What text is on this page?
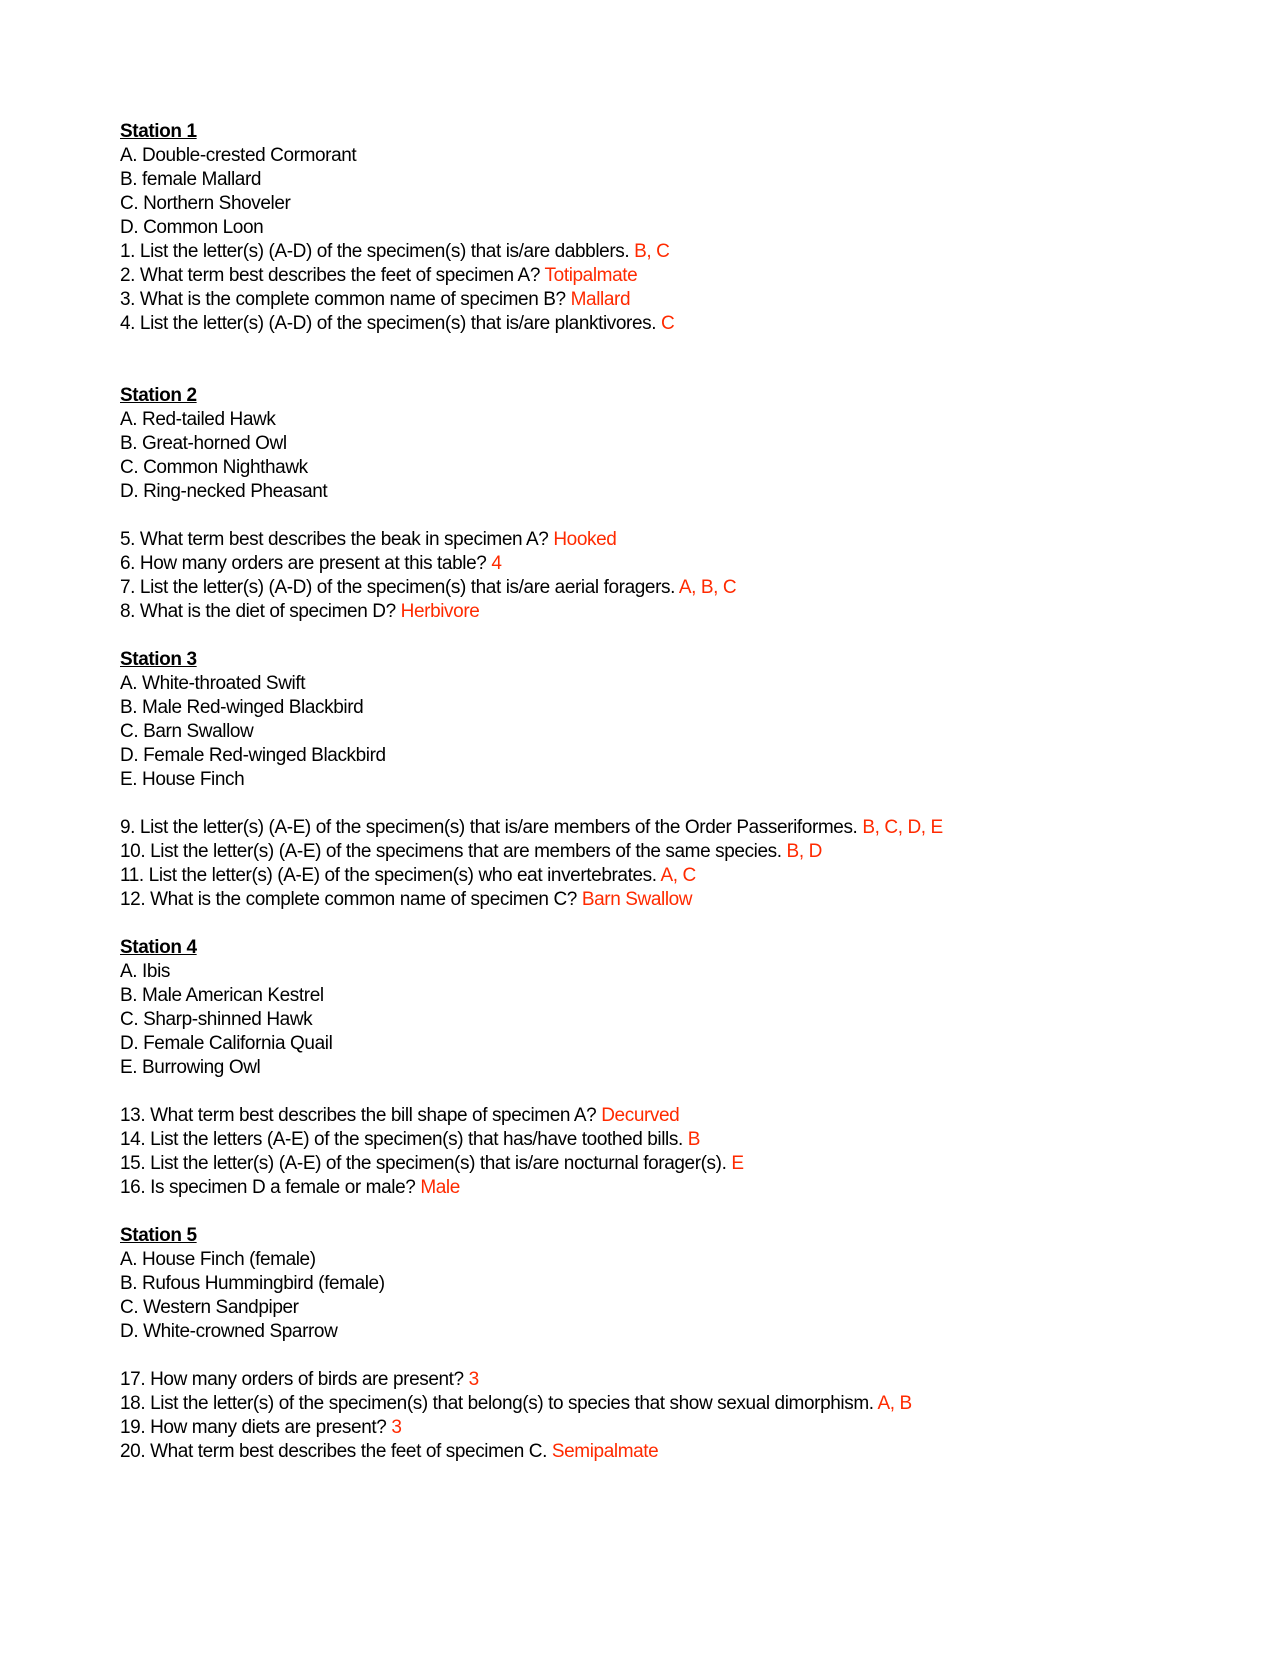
Station 1
A. Double-crested Cormorant
B. female Mallard
C. Northern Shoveler
D. Common Loon
1. List the letter(s) (A-D) of the specimen(s) that is/are dabblers. B, C
2. What term best describes the feet of specimen A? Totipalmate
3. What is the complete common name of specimen B? Mallard
4. List the letter(s) (A-D) of the specimen(s) that is/are planktivores. C
Station 2
A. Red-tailed Hawk
B. Great-horned Owl
C. Common Nighthawk
D. Ring-necked Pheasant
5. What term best describes the beak in specimen A? Hooked
6. How many orders are present at this table? 4
7. List the letter(s) (A-D) of the specimen(s) that is/are aerial foragers. A, B, C
8. What is the diet of specimen D? Herbivore
Station 3
A. White-throated Swift
B. Male Red-winged Blackbird
C. Barn Swallow
D. Female Red-winged Blackbird
E. House Finch
9. List the letter(s) (A-E) of the specimen(s) that is/are members of the Order Passeriformes. B, C, D, E
10. List the letter(s) (A-E) of the specimens that are members of the same species. B, D
11. List the letter(s) (A-E) of the specimen(s) who eat invertebrates. A, C
12. What is the complete common name of specimen C? Barn Swallow
Station 4
A. Ibis
B. Male American Kestrel
C. Sharp-shinned Hawk
D. Female California Quail
E. Burrowing Owl
13. What term best describes the bill shape of specimen A? Decurved
14. List the letters (A-E) of the specimen(s) that has/have toothed bills. B
15. List the letter(s) (A-E) of the specimen(s) that is/are nocturnal forager(s). E
16. Is specimen D a female or male? Male
Station 5
A. House Finch (female)
B. Rufous Hummingbird (female)
C. Western Sandpiper
D. White-crowned Sparrow
17. How many orders of birds are present? 3
18. List the letter(s) of the specimen(s) that belong(s) to species that show sexual dimorphism. A, B
19. How many diets are present? 3
20. What term best describes the feet of specimen C. Semipalmate
